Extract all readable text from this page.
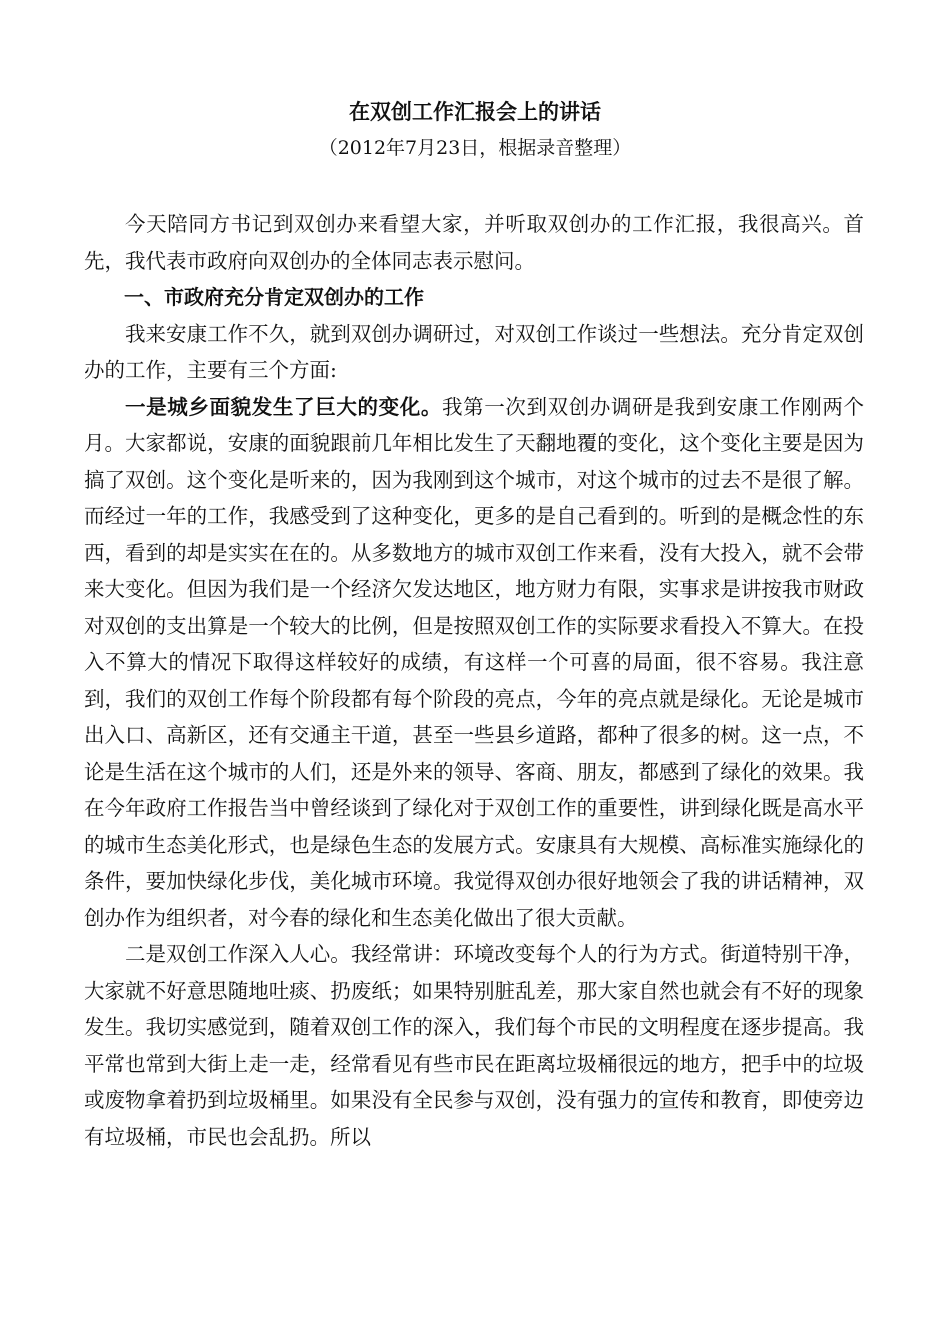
在双创工作汇报会上的讲话
（2012年7月23日，根据录音整理）

今天陪同方书记到双创办来看望大家，并听取双创办的工作汇报，我很高兴。首先，我代表市政府向双创办的全体同志表示慰问。

一、市政府充分肯定双创办的工作

我来安康工作不久，就到双创办调研过，对双创工作谈过一些想法。充分肯定双创办的工作，主要有三个方面:

一是城乡面貌发生了巨大的变化。我第一次到双创办调研是我到安康工作刚两个月。大家都说，安康的面貌跟前几年相比发生了天翻地覆的变化，这个变化主要是因为搞了双创。这个变化是听来的，因为我刚到这个城市，对这个城市的过去不是很了解。而经过一年的工作，我感受到了这种变化，更多的是自己看到的。听到的是概念性的东西，看到的却是实实在在的。从多数地方的城市双创工作来看，没有大投入，就不会带来大变化。但因为我们是一个经济欠发达地区，地方财力有限，实事求是讲按我市财政对双创的支出算是一个较大的比例，但是按照双创工作的实际要求看投入不算大。在投入不算大的情况下取得这样较好的成绩，有这样一个可喜的局面，很不容易。我注意到，我们的双创工作每个阶段都有每个阶段的亮点，今年的亮点就是绿化。无论是城市出入口、高新区，还有交通主干道，甚至一些县乡道路，都种了很多的树。这一点，不论是生活在这个城市的人们，还是外来的领导、客商、朋友，都感到了绿化的效果。我在今年政府工作报告当中曾经谈到了绿化对于双创工作的重要性，讲到绿化既是高水平的城市生态美化形式，也是绿色生态的发展方式。安康具有大规模、高标准实施绿化的条件，要加快绿化步伐，美化城市环境。我觉得双创办很好地领会了我的讲话精神，双创办作为组织者，对今春的绿化和生态美化做出了很大贡献。

二是双创工作深入人心。我经常讲：环境改变每个人的行为方式。街道特别干净，大家就不好意思随地吐痰、扔废纸；如果特别脏乱差，那大家自然也就会有不好的现象发生。我切实感觉到，随着双创工作的深入，我们每个市民的文明程度在逐步提高。我平常也常到大街上走一走，经常看见有些市民在距离垃圾桶很远的地方，把手中的垃圾或废物拿着扔到垃圾桶里。如果没有全民参与双创，没有强力的宣传和教育，即使旁边有垃圾桶，市民也会乱扔。所以
